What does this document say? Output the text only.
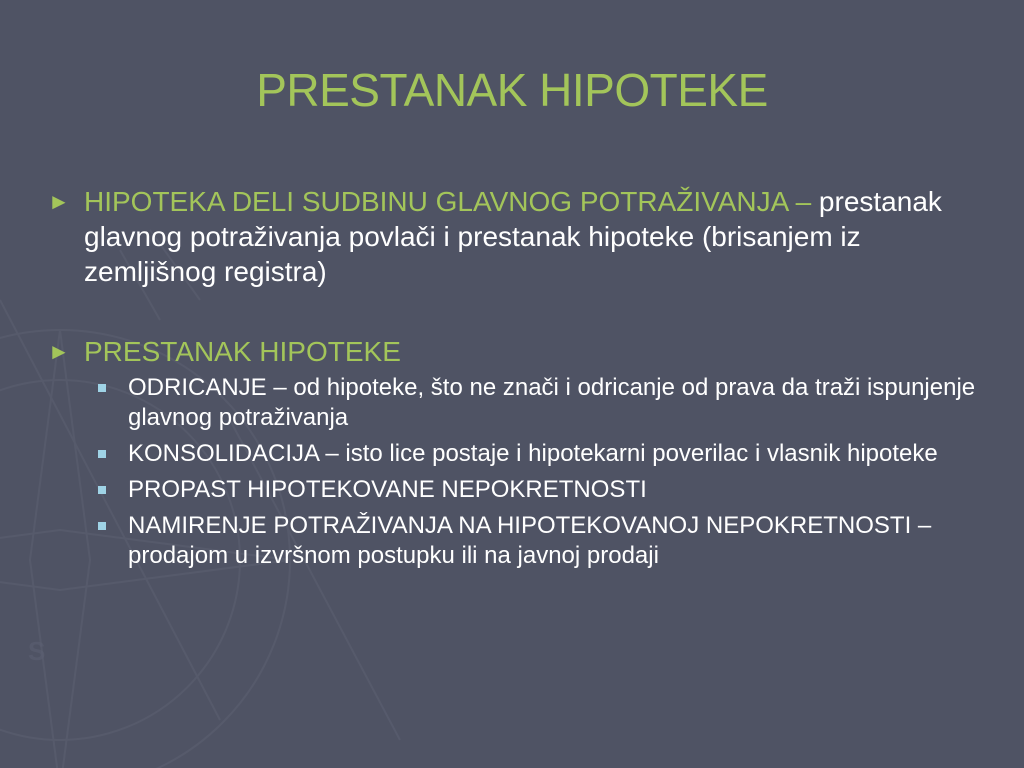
S
PRESTANAK HIPOTEKE
► HIPOTEKA DELI SUDBINU GLAVNOG POTRAŽIVANJA – prestanak glavnog potraživanja povlači i prestanak hipoteke (brisanjem iz zemljišnog registra)
► PRESTANAK HIPOTEKE
ODRICANJE – od hipoteke, što ne znači i odricanje od prava da traži ispunjenje glavnog potraživanja
KONSOLIDACIJA – isto lice postaje i hipotekarni poverilac i vlasnik hipoteke
PROPAST HIPOTEKOVANE NEPOKRETNOSTI
NAMIRENJE POTRAŽIVANJA NA HIPOTEKOVANOJ NEPOKRETNOSTI – prodajom u izvršnom postupku ili na javnoj prodaji
